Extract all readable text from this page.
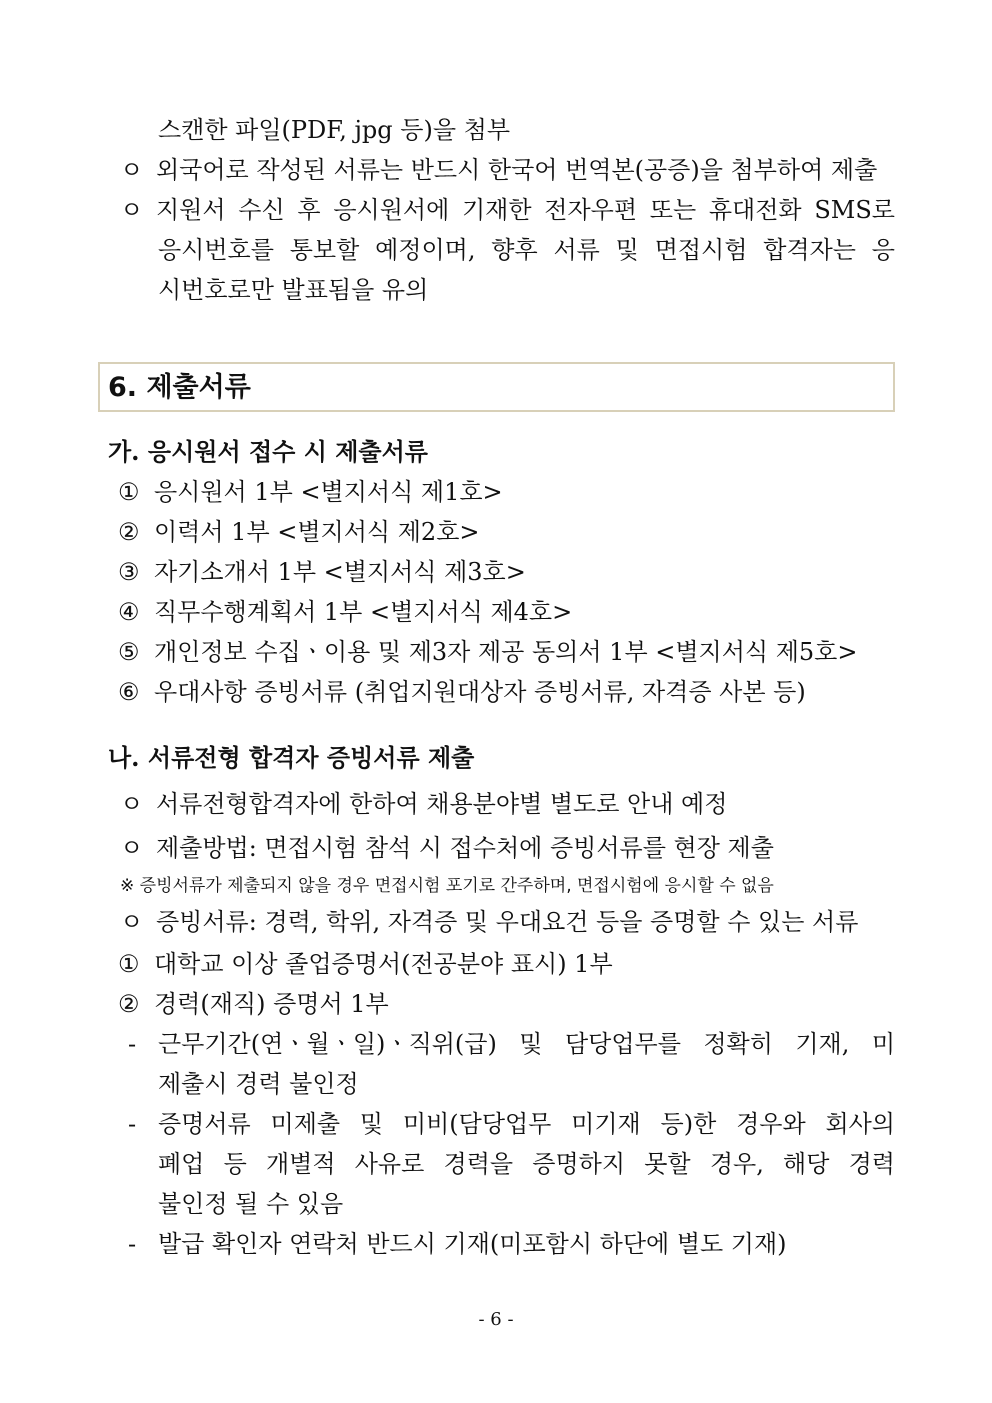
스캔한 파일(PDF, jpg 등)을 첨부
ㅇ 외국어로 작성된 서류는 반드시 한국어 번역본(공증)을 첨부하여 제출
ㅇ 지원서 수신 후 응시원서에 기재한 전자우편 또는 휴대전화 SMS로
응시번호를 통보할 예정이며, 향후 서류 및 면접시험 합격자는 응
시번호로만 발표됨을 유의
6. 제출서류
가. 응시원서 접수 시 제출서류
① 응시원서 1부 <별지서식 제1호>
② 이력서 1부 <별지서식 제2호>
③ 자기소개서 1부 <별지서식 제3호>
④ 직무수행계획서 1부 <별지서식 제4호>
⑤ 개인정보 수집ㆍ이용 및 제3자 제공 동의서 1부 <별지서식 제5호>
⑥ 우대사항 증빙서류 (취업지원대상자 증빙서류, 자격증 사본 등)
나. 서류전형 합격자 증빙서류 제출
ㅇ 서류전형합격자에 한하여 채용분야별 별도로 안내 예정
ㅇ 제출방법: 면접시험 참석 시 접수처에 증빙서류를 현장 제출
※ 증빙서류가 제출되지 않을 경우 면접시험 포기로 간주하며, 면접시험에 응시할 수 없음
ㅇ 증빙서류: 경력, 학위, 자격증 및 우대요건 등을 증명할 수 있는 서류
① 대학교 이상 졸업증명서(전공분야 표시) 1부
② 경력(재직) 증명서 1부
- 근무기간(연ㆍ월ㆍ일)ㆍ직위(급) 및 담당업무를 정확히 기재, 미
제출시 경력 불인정
- 증명서류 미제출 및 미비(담당업무 미기재 등)한 경우와 회사의
폐업 등 개별적 사유로 경력을 증명하지 못할 경우, 해당 경력
불인정 될 수 있음
- 발급 확인자 연락처 반드시 기재(미포함시 하단에 별도 기재)
- 6 -
